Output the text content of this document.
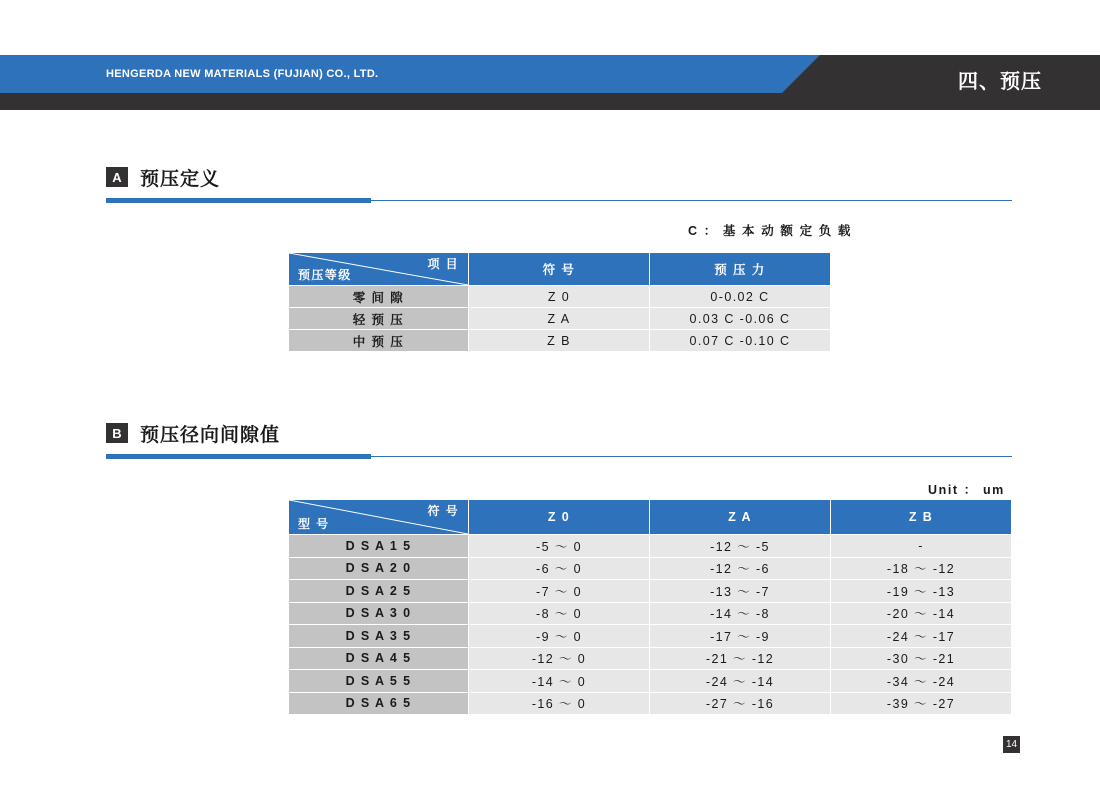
HENGERDA NEW MATERIALS (FUJIAN) CO., LTD.	四、预压
A 预压定义
C ： 基 本 动 额 定 负 载
项 目
预压等级	符 号	预 压 力
零 间 隙	Z 0	0-0.02 C
轻 预 压	Z A	0.03 C -0.06 C
中 预 压	Z B	0.07 C -0.10 C
B 预压径向间隙值
Unit ： um
符 号
型 号	Z 0	Z A	Z B
D S A 1 5	-5 ～ 0	-12 ～ -5	-
D S A 2 0	-6 ～ 0	-12 ～ -6	-18 ～ -12
D S A 2 5	-7 ～ 0	-13 ～ -7	-19 ～ -13
D S A 3 0	-8 ～ 0	-14 ～ -8	-20 ～ -14
D S A 3 5	-9 ～ 0	-17 ～ -9	-24 ～ -17
D S A 4 5	-12 ～ 0	-21 ～ -12	-30 ～ -21
D S A 5 5	-14 ～ 0	-24 ～ -14	-34 ～ -24
D S A 6 5	-16 ～ 0	-27 ～ -16	-39 ～ -27
14
